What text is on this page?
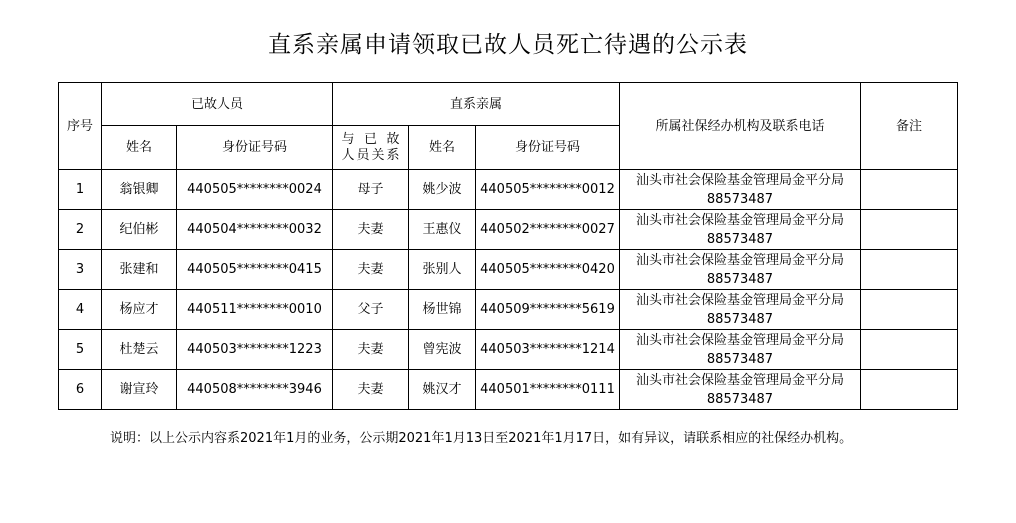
直系亲属申请领取已故人员死亡待遇的公示表
序号	已故人员		直系亲属			所属社保经办机构及联系电话	备注
	姓名	身份证号码	与 已 故
人员关系	姓名	身份证号码		
1	翁银卿	440505********0024	母子	姚少波	440505********0012	汕头市社会保险基金管理局金平分局
88573487	

2	纪伯彬	440504********0032	夫妻	王惠仪	440502********0027	汕头市社会保险基金管理局金平分局
88573487	

3	张建和	440505********0415	夫妻	张别人	440505********0420	汕头市社会保险基金管理局金平分局
88573487	

4	杨应才	440511********0010	父子	杨世锦	440509********5619	汕头市社会保险基金管理局金平分局
88573487	

5	杜楚云	440503********1223	夫妻	曾宪波	440503********1214	汕头市社会保险基金管理局金平分局
88573487	

6	谢宣玲	440508********3946	夫妻	姚汉才	440501********0111	汕头市社会保险基金管理局金平分局
88573487	

说明：以上公示内容系2021年1月的业务，公示期2021年1月13日至2021年1月17日，如有异议，请联系相应的社保经办机构。
